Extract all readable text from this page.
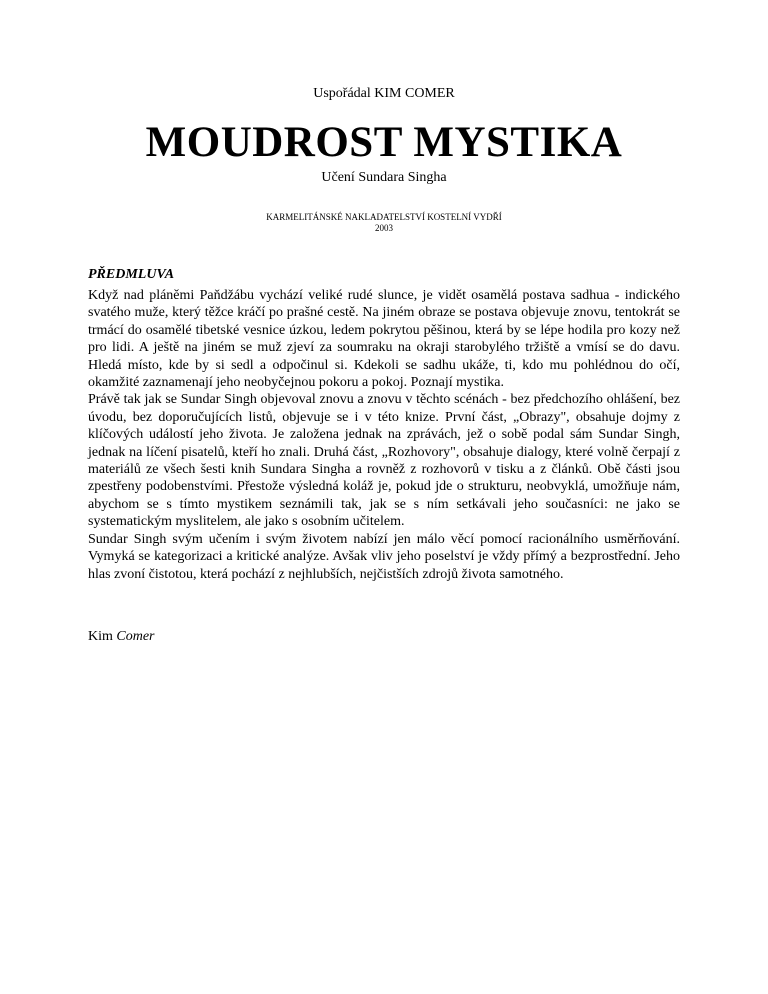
Uspořádal KIM COMER
MOUDROST MYSTIKA
Učení Sundara Singha
KARMELITÁNSKÉ NAKLADATELSTVÍ KOSTELNÍ VYDŘÍ
2003
PŘEDMLUVA

Když nad pláněmi Paňdžábu vychází veliké rudé slunce, je vidět osamělá postava sadhua - indického svatého muže, který těžce kráčí po prašné cestě. Na jiném obraze se postava objevuje znovu, tentokrát se trmácí do osamělé tibetské vesnice úzkou, ledem pokrytou pěšinou, která by se lépe hodila pro kozy než pro lidi. A ještě na jiném se muž zjeví za soumraku na okraji starobylého tržiště a vmísí se do davu. Hledá místo, kde by si sedl a odpočinul si. Kdekoli se sadhu ukáže, ti, kdo mu pohlédnou do očí, okamžité zaznamenají jeho neobyčejnou pokoru a pokoj. Poznají mystika.

Právě tak jak se Sundar Singh objevoval znovu a znovu v těchto scénách - bez předchozího ohlášení, bez úvodu, bez doporučujících listů, objevuje se i v této knize. První část, „Obrazy", obsahuje dojmy z klíčových událostí jeho života. Je založena jednak na zprávách, jež o sobě podal sám Sundar Singh, jednak na líčení pisatelů, kteří ho znali. Druhá část, „Rozhovory", obsahuje dialogy, které volně čerpají z materiálů ze všech šesti knih Sundara Singha a rovněž z rozhovorů v tisku a z článků. Obě části jsou zpestřeny podobenstvími. Přestože výsledná koláž je, pokud jde o strukturu, neobvyklá, umožňuje nám, abychom se s tímto mystikem seznámili tak, jak se s ním setkávali jeho současníci: ne jako se systematickým myslitelem, ale jako s osobním učitelem.

Sundar Singh svým učením i svým životem nabízí jen málo věcí pomocí racionálního usměrňování. Vymyká se kategorizaci a kritické analýze. Avšak vliv jeho poselství je vždy přímý a bezprostřední. Jeho hlas zvoní čistotou, která pochází z nejhlubších, nejčistších zdrojů života samotného.

Kim Comer
